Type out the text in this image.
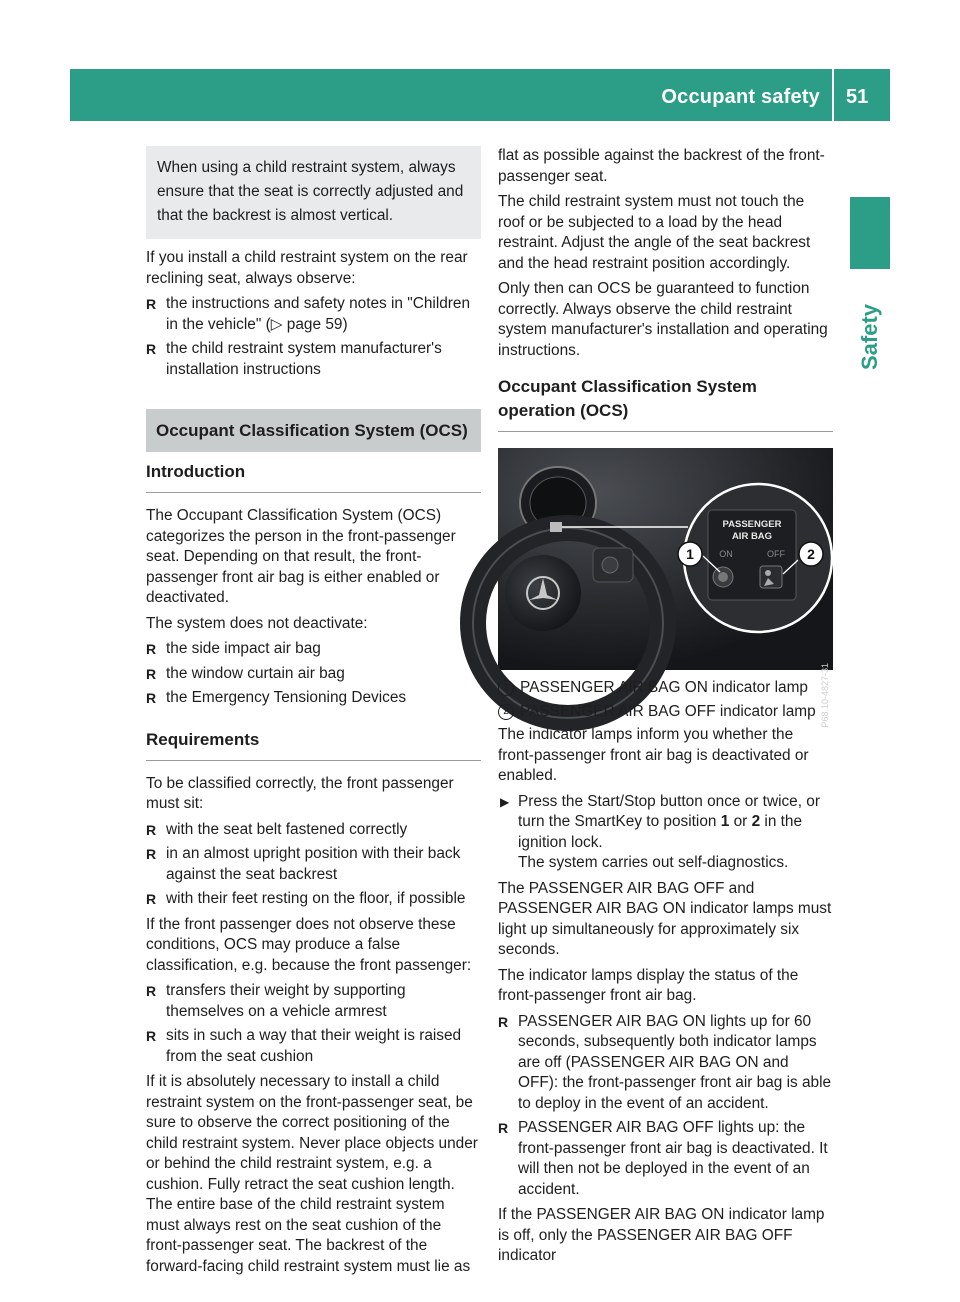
Occupant safety 51
Safety
When using a child restraint system, always ensure that the seat is correctly adjusted and that the backrest is almost vertical.

If you install a child restraint system on the rear reclining seat, always observe:

R the instructions and safety notes in "Children in the vehicle" (▷ page 59)
R the child restraint system manufacturer's installation instructions
Occupant Classification System (OCS)
Introduction

The Occupant Classification System (OCS) categorizes the person in the front-passenger seat. Depending on that result, the front-passenger front air bag is either enabled or deactivated.

The system does not deactivate:

R the side impact air bag
R the window curtain air bag
R the Emergency Tensioning Devices
Requirements

To be classified correctly, the front passenger must sit:

R with the seat belt fastened correctly
R in an almost upright position with their back against the seat backrest
R with their feet resting on the floor, if possible

If the front passenger does not observe these conditions, OCS may produce a false classification, e.g. because the front passenger:

R transfers their weight by supporting themselves on a vehicle armrest
R sits in such a way that their weight is raised from the seat cushion

If it is absolutely necessary to install a child restraint system on the front-passenger seat, be sure to observe the correct positioning of the child restraint system. Never place objects under or behind the child restraint system, e.g. a cushion. Fully retract the seat cushion length. The entire base of the child restraint system must always rest on the seat cushion of the front-passenger seat. The backrest of the forward-facing child restraint system must lie as

flat as possible against the backrest of the front-passenger seat.

The child restraint system must not touch the roof or be subjected to a load by the head restraint. Adjust the angle of the seat backrest and the head restraint position accordingly.

Only then can OCS be guaranteed to function correctly. Always observe the child restraint system manufacturer's installation and operating instructions.

Occupant Classification System operation (OCS)
PASSENGER
AIR BAG
ON	OFF
1	2
P68.10-4827-31
1 PASSENGER AIR BAG ON indicator lamp
2 PASSENGER AIR BAG OFF indicator lamp

The indicator lamps inform you whether the front-passenger front air bag is deactivated or enabled.

▶ Press the Start/Stop button once or twice, or turn the SmartKey to position 1 or 2 in the ignition lock.
The system carries out self-diagnostics.

The PASSENGER AIR BAG OFF and PASSENGER AIR BAG ON indicator lamps must light up simultaneously for approximately six seconds.

The indicator lamps display the status of the front-passenger front air bag.

R PASSENGER AIR BAG ON lights up for 60 seconds, subsequently both indicator lamps are off (PASSENGER AIR BAG ON and OFF): the front-passenger front air bag is able to deploy in the event of an accident.
R PASSENGER AIR BAG OFF lights up: the front-passenger front air bag is deactivated. It will then not be deployed in the event of an accident.

If the PASSENGER AIR BAG ON indicator lamp is off, only the PASSENGER AIR BAG OFF indicator
